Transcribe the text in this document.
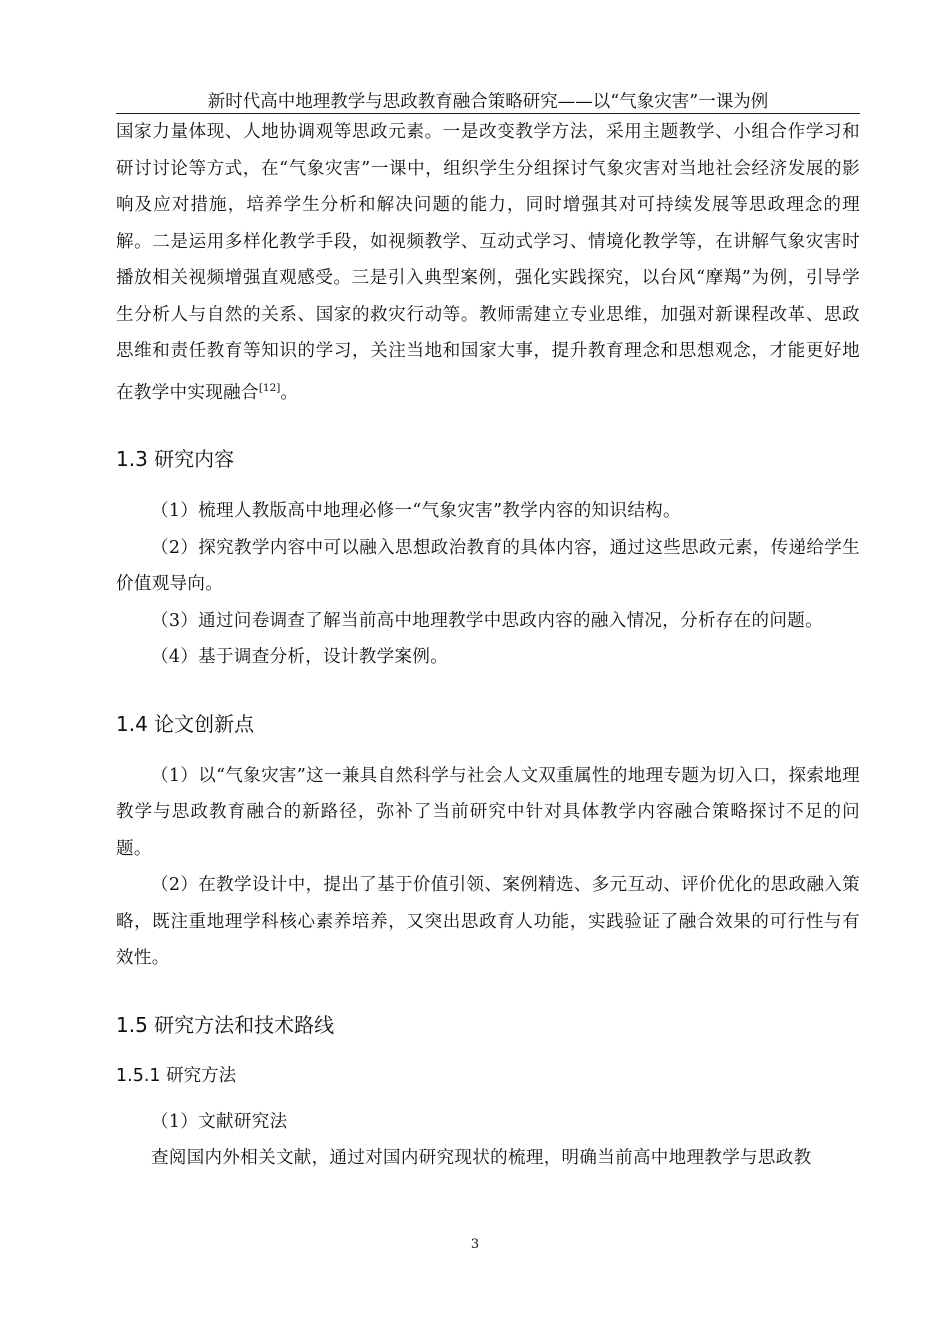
新时代高中地理教学与思政教育融合策略研究——以“气象灾害”一课为例

国家力量体现、人地协调观等思政元素。一是改变教学方法，采用主题教学、小组合作学习和研讨讨论等方式，在“气象灾害”一课中，组织学生分组探讨气象灾害对当地社会经济发展的影响及应对措施，培养学生分析和解决问题的能力，同时增强其对可持续发展等思政理念的理解。二是运用多样化教学手段，如视频教学、互动式学习、情境化教学等，在讲解气象灾害时播放相关视频增强直观感受。三是引入典型案例，强化实践探究，以台风“摩羯”为例，引导学生分析人与自然的关系、国家的救灾行动等。教师需建立专业思维，加强对新课程改革、思政思维和责任教育等知识的学习，关注当地和国家大事，提升教育理念和思想观念，才能更好地在教学中实现融合[12]。

1.3 研究内容

（1）梳理人教版高中地理必修一“气象灾害”教学内容的知识结构。

（2）探究教学内容中可以融入思想政治教育的具体内容，通过这些思政元素，传递给学生价值观导向。

（3）通过问卷调查了解当前高中地理教学中思政内容的融入情况，分析存在的问题。

（4）基于调查分析，设计教学案例。

1.4 论文创新点

（1）以“气象灾害”这一兼具自然科学与社会人文双重属性的地理专题为切入口，探索地理教学与思政教育融合的新路径，弥补了当前研究中针对具体教学内容融合策略探讨不足的问题。

（2）在教学设计中，提出了基于价值引领、案例精选、多元互动、评价优化的思政融入策略，既注重地理学科核心素养培养，又突出思政育人功能，实践验证了融合效果的可行性与有效性。

1.5 研究方法和技术路线
1.5.1 研究方法

（1）文献研究法

查阅国内外相关文献，通过对国内研究现状的梳理，明确当前高中地理教学与思政教

3
